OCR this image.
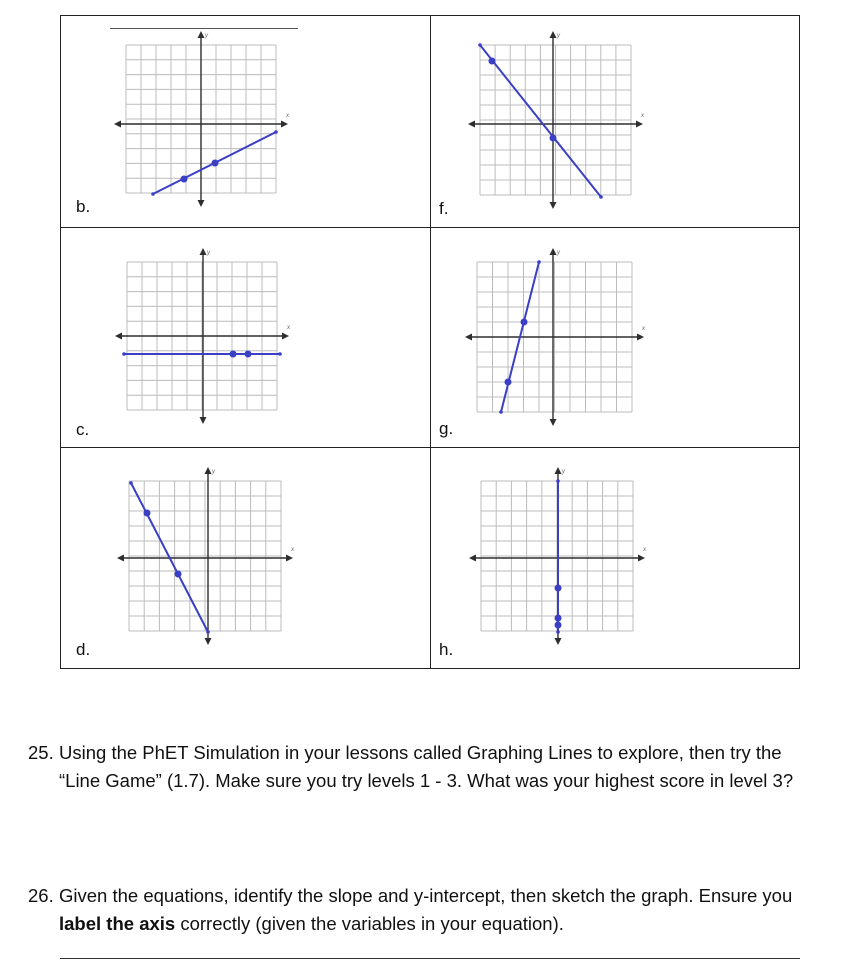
x
y
b.
x
y
f.
x
y
c.
x
y
g.
x
y
d.
x
y
h.
25. Using the PhET Simulation in your lessons called Graphing Lines to explore, then try the “Line Game” (1.7). Make sure you try levels 1 - 3. What was your highest score in level 3?
26. Given the equations, identify the slope and y-intercept, then sketch the graph. Ensure you label the axis correctly (given the variables in your equation).
